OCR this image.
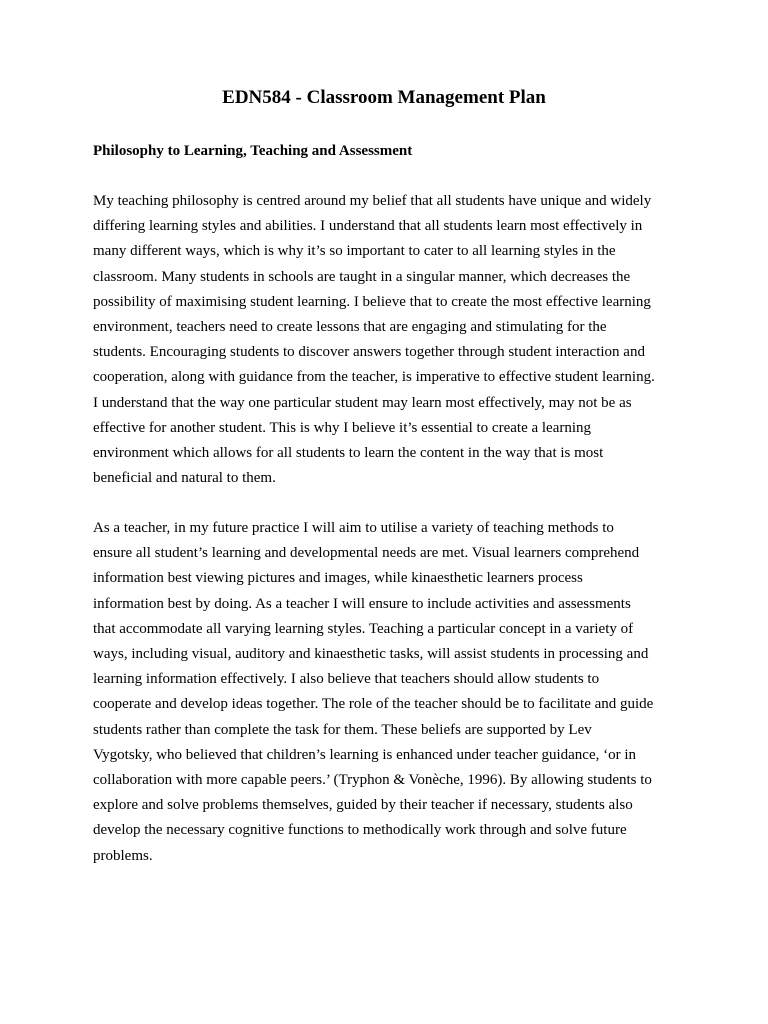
EDN584 - Classroom Management Plan
Philosophy to Learning, Teaching and Assessment

My teaching philosophy is centred around my belief that all students have unique and widely
differing learning styles and abilities. I understand that all students learn most effectively in
many different ways, which is why it’s so important to cater to all learning styles in the
classroom. Many students in schools are taught in a singular manner, which decreases the
possibility of maximising student learning. I believe that to create the most effective learning
environment, teachers need to create lessons that are engaging and stimulating for the
students. Encouraging students to discover answers together through student interaction and
cooperation, along with guidance from the teacher, is imperative to effective student learning.
I understand that the way one particular student may learn most effectively, may not be as
effective for another student. This is why I believe it’s essential to create a learning
environment which allows for all students to learn the content in the way that is most
beneficial and natural to them.

As a teacher, in my future practice I will aim to utilise a variety of teaching methods to
ensure all student’s learning and developmental needs are met. Visual learners comprehend
information best viewing pictures and images, while kinaesthetic learners process
information best by doing. As a teacher I will ensure to include activities and assessments
that accommodate all varying learning styles. Teaching a particular concept in a variety of
ways, including visual, auditory and kinaesthetic tasks, will assist students in processing and
learning information effectively. I also believe that teachers should allow students to
cooperate and develop ideas together. The role of the teacher should be to facilitate and guide
students rather than complete the task for them. These beliefs are supported by Lev
Vygotsky, who believed that children’s learning is enhanced under teacher guidance, ‘or in
collaboration with more capable peers.’ (Tryphon & Vonèche, 1996). By allowing students to
explore and solve problems themselves, guided by their teacher if necessary, students also
develop the necessary cognitive functions to methodically work through and solve future
problems.
